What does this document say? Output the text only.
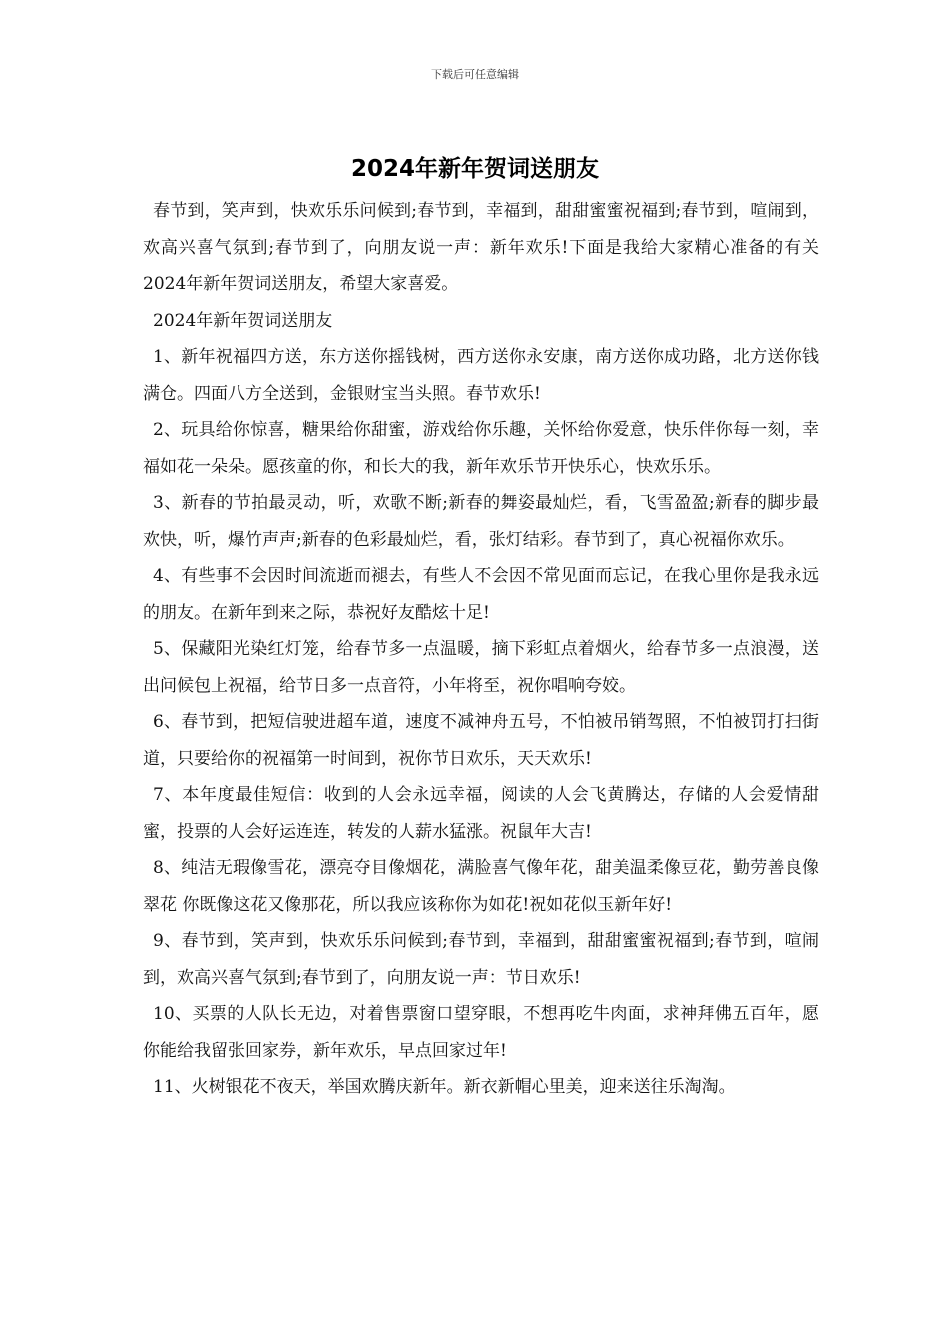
下载后可任意编辑
2024年新年贺词送朋友

春节到，笑声到，快欢乐乐问候到;春节到，幸福到，甜甜蜜蜜祝福到;春节到，喧闹到，欢高兴喜气氛到;春节到了，向朋友说一声：新年欢乐!下面是我给大家精心准备的有关2024年新年贺词送朋友，希望大家喜爱。

2024年新年贺词送朋友

1、新年祝福四方送，东方送你摇钱树，西方送你永安康，南方送你成功路，北方送你钱满仓。四面八方全送到，金银财宝当头照。春节欢乐!

2、玩具给你惊喜，糖果给你甜蜜，游戏给你乐趣，关怀给你爱意，快乐伴你每一刻，幸福如花一朵朵。愿孩童的你，和长大的我，新年欢乐节开快乐心，快欢乐乐。

3、新春的节拍最灵动，听，欢歌不断;新春的舞姿最灿烂，看，飞雪盈盈;新春的脚步最欢快，听，爆竹声声;新春的色彩最灿烂，看，张灯结彩。春节到了，真心祝福你欢乐。

4、有些事不会因时间流逝而褪去，有些人不会因不常见面而忘记，在我心里你是我永远的朋友。在新年到来之际，恭祝好友酷炫十足!

5、保藏阳光染红灯笼，给春节多一点温暖，摘下彩虹点着烟火，给春节多一点浪漫，送出问候包上祝福，给节日多一点音符，小年将至，祝你唱响夸姣。

6、春节到，把短信驶进超车道，速度不减神舟五号，不怕被吊销驾照，不怕被罚打扫街道，只要给你的祝福第一时间到，祝你节日欢乐，天天欢乐!

7、本年度最佳短信：收到的人会永远幸福，阅读的人会飞黄腾达，存储的人会爱情甜蜜，投票的人会好运连连，转发的人薪水猛涨。祝鼠年大吉!

8、纯洁无瑕像雪花，漂亮夺目像烟花，满脸喜气像年花，甜美温柔像豆花，勤劳善良像翠花 你既像这花又像那花，所以我应该称你为如花!祝如花似玉新年好!

9、春节到，笑声到，快欢乐乐问候到;春节到，幸福到，甜甜蜜蜜祝福到;春节到，喧闹到，欢高兴喜气氛到;春节到了，向朋友说一声：节日欢乐!

10、买票的人队长无边，对着售票窗口望穿眼，不想再吃牛肉面，求神拜佛五百年，愿你能给我留张回家券，新年欢乐，早点回家过年!

11、火树银花不夜天，举国欢腾庆新年。新衣新帽心里美，迎来送往乐淘淘。
